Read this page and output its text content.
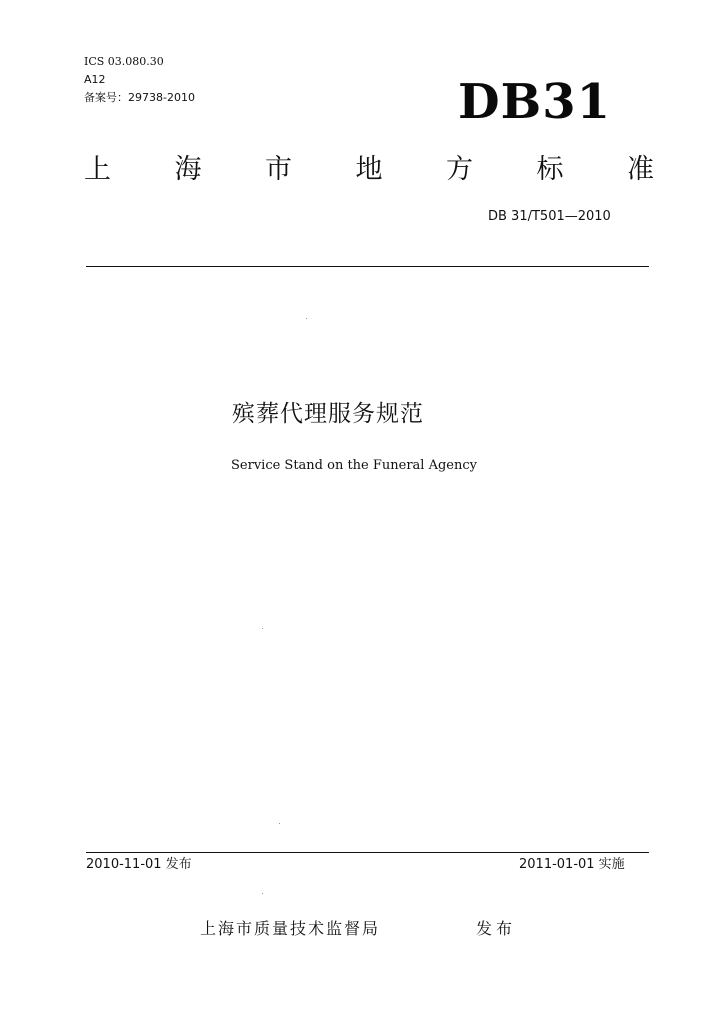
ICS 03.080.30
A12
备案号：29738-2010	DB31
上 海 市 地 方 标 准
DB 31/T501—2010
殡葬代理服务规范
Service Stand on the Funeral Agency
2010-11-01 发布	2011-01-01 实施
上海市质量技术监督局	发布
